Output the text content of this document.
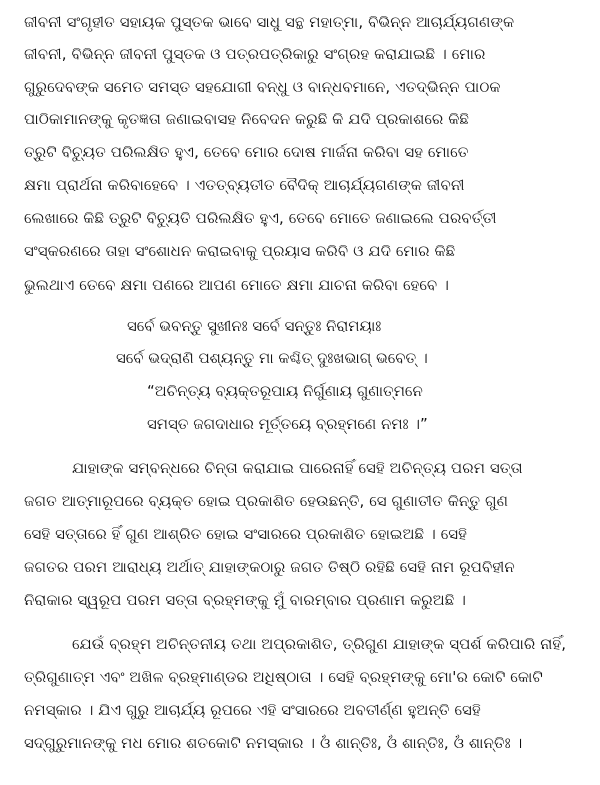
ଜୀବନୀ ସଂଗୃହୀତ ସହାୟକ ପୁସ୍ତକ ଭାବେ ସାଧୁ ସନ୍ଥ ମହାତ୍ମା, ବିଭିନ୍ନ ଆଚାର୍ଯ୍ୟଗଣଙ୍କ
ଜୀବନୀ, ବିଭିନ୍ନ ଜୀବନୀ ପୁସ୍ତକ ଓ ପତ୍ରପତ୍ରିକାରୁ ସଂଗ୍ରହ କରାଯାଇଛି । ମୋର
ଗୁରୁଦେବଙ୍କ ସମେତ ସମସ୍ତ ସହଯୋଗୀ ବନ୍ଧୁ ଓ ବାନ୍ଧବମାନେ, ଏତଦ୍ଭିନ୍ନ ପାଠକ
ପାଠିକାମାନଙ୍କୁ କୃତଜ୍ଞତା ଜଣାଇବାସହ ନିବେଦନ କରୁଛି କି ଯଦି ପ୍ରକାଶରେ କିଛି
ତ୍ରୁଟି ବିଚ୍ୟୁତ ପରିଲକ୍ଷିତ ହୁଏ, ତେବେ ମୋର ଦୋଷ ମାର୍ଜନା କରିବା ସହ ମୋତେ
କ୍ଷମା ପ୍ରାର୍ଥନା କରିବାହେବେ । ଏତତ୍‌ବ୍ୟତୀତ ବୈଦିକ୍ ଆଚାର୍ଯ୍ୟଗଣଙ୍କ ଜୀବନୀ
ଲେଖାରେ କିଛି ତ୍ରୁଟି ବିଚ୍ୟୁତି ପରିଲକ୍ଷିତ ହୁଏ, ତେବେ ମୋତେ ଜଣାଇଲେ ପରବର୍ତ୍ତୀ
ସଂସ୍କରଣରେ ତାହା ସଂଶୋଧନ କରାଇବାକୁ ପ୍ରୟାସ କରିବି ଓ ଯଦି ମୋର କିଛି
ଭୁଲଥାଏ ତେବେ କ୍ଷମା ପଣରେ ଆପଣ ମୋତେ କ୍ଷମା ଯାଚନା କରିବା ହେବେ ।
ସର୍ବେ ଭବନ୍ତୁ ସୁଖୀନଃ ସର୍ବେ ସନ୍ତୁଃ ନିରାମୟାଃ
ସର୍ବେ ଭଦ୍ରାଣି ପଶ୍ୟନ୍ତୁ ମା କଶ୍ଚିତ୍ ଦୁଃଖଭାଗ୍ ଭବେତ୍ ।
“ଅଚିନ୍ତ୍ୟ ବ୍ୟକ୍ତରୂପାୟ ନିର୍ଗୁଣାୟ ଗୁଣାତ୍ମନେ
ସମସ୍ତ ଜଗଦାଧାର ମୂର୍ତ୍ତୟେ ବ୍ରହ୍ମଣେ ନମଃ ।”
ଯାହାଙ୍କ ସମ୍ବନ୍ଧରେ ଚିନ୍ତା କରାଯାଇ ପାରେନାହିଁ ସେହି ଅଚିନ୍ତ୍ୟ ପରମ ସତ୍ତା
ଜଗତ ଆତ୍ମାରୂପରେ ବ୍ୟକ୍ତ ହୋଇ ପ୍ରକାଶିତ ହେଉଛନ୍ତି, ସେ ଗୁଣାତୀତ କିନ୍ତୁ ଗୁଣ
ସେହି ସତ୍ତାରେ ହିଁ ଗୁଣ ଆଶ୍ରିତ ହୋଇ ସଂସାରରେ ପ୍ରକାଶିତ ହୋଇଅଛି । ସେହି
ଜଗତର ପରମ ଆରାଧ୍ୟ ଅର୍ଥାତ୍ ଯାହାଙ୍କଠାରୁ ଜଗତ ତିଷ୍ଠି ରହିଛି ସେହି ନାମ ରୂପବିହୀନ
ନିରାକାର ସ୍ୱରୂପ ପରମ ସତ୍ତା ବ୍ରହ୍ମଙ୍କୁ ମୁଁ ବାରମ୍ବାର ପ୍ରଣାମ କରୁଅଛି ।
ଯେଉଁ ବ୍ରହ୍ମ ଅଚିନ୍ତନୀୟ ତଥା ଅପ୍ରକାଶିତ, ତ୍ରିଗୁଣ ଯାହାଙ୍କ ସ୍ପର୍ଶ କରିପାରି ନାହିଁ,
ତ୍ରିଗୁଣାତ୍ମ ଏବଂ ଅଖିଳ ବ୍ରହ୍ମାଣ୍ଡର ଅଧିଷ୍ଠାତା । ସେହି ବ୍ରହ୍ମଙ୍କୁ ମୋ'ର କୋଟି କୋଟି
ନମସ୍କାର । ଯିଏ ଗୁରୁ ଆଚାର୍ଯ୍ୟ ରୂପରେ ଏହି ସଂସାରରେ ଅବତୀର୍ଣ୍ଣ ହୁଅନ୍ତି ସେହି
ସଦ୍‌ଗୁରୁମାନଙ୍କୁ ମଧ ମୋର ଶତକୋଟି ନମସ୍କାର । ଓଁ ଶାନ୍ତିଃ, ଓଁ ଶାନ୍ତିଃ, ଓଁ ଶାନ୍ତିଃ ।
